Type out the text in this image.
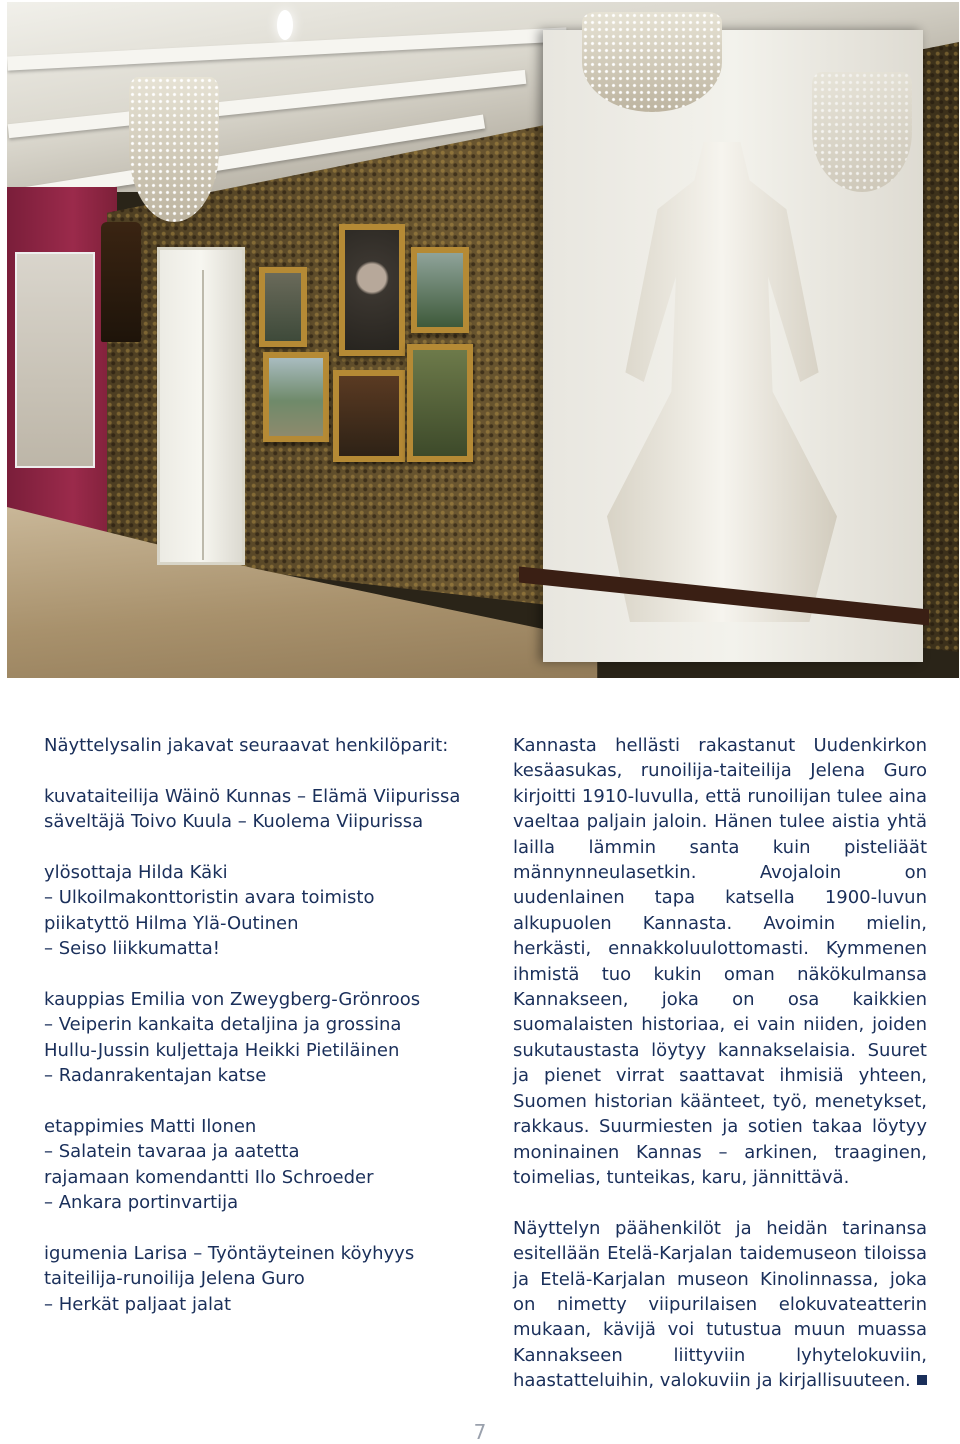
Näyttelysalin jakavat seuraavat henkilöparit:

kuvataiteilija Wäinö Kunnas – Elämä Viipurissa
säveltäjä Toivo Kuula – Kuolema Viipurissa

ylösottaja Hilda Käki
– Ulkoilmakonttoristin avara toimisto
piikatyttö Hilma Ylä-Outinen
– Seiso liikkumatta!

kauppias Emilia von Zweygberg-Grönroos
– Veiperin kankaita detaljina ja grossina
Hullu-Jussin kuljettaja Heikki Pietiläinen
– Radanrakentajan katse

etappimies Matti Ilonen
– Salatein tavaraa ja aatetta
rajamaan komendantti Ilo Schroeder
– Ankara portinvartija

igumenia Larisa – Työntäyteinen köyhyys
taiteilija-runoilija Jelena Guro
– Herkät paljaat jalat

Kannasta hellästi rakastanut Uudenkirkon kesäasukas, runoilija-taiteilija Jelena Guro kirjoitti 1910-luvulla, että runoilijan tulee aina vaeltaa paljain jaloin. Hänen tulee aistia yhtä lailla lämmin santa kuin pisteliäät männynneulasetkin. Avojaloin on uudenlainen tapa katsella 1900-luvun alkupuolen Kannasta. Avoimin mielin, herkästi, ennakkoluulottomasti. Kymmenen ihmistä tuo kukin oman näkökulmansa Kannakseen, joka on osa kaikkien suomalaisten historiaa, ei vain niiden, joiden sukutaustasta löytyy kannakselaisia. Suuret ja pienet virrat saattavat ihmisiä yhteen, Suomen historian käänteet, työ, menetykset, rakkaus. Suurmiesten ja sotien takaa löytyy moninainen Kannas – arkinen, traaginen, toimelias, tunteikas, karu, jännittävä.

Näyttelyn päähenkilöt ja heidän tarinansa esitellään Etelä-Karjalan taidemuseon tiloissa ja Etelä-Karjalan museon Kinolinnassa, joka on nimetty viipurilaisen elokuvateatterin mukaan, kävijä voi tutustua muun muassa Kannakseen liittyviin lyhytelokuviin, haastatteluihin, valokuviin ja kirjallisuuteen.

7
